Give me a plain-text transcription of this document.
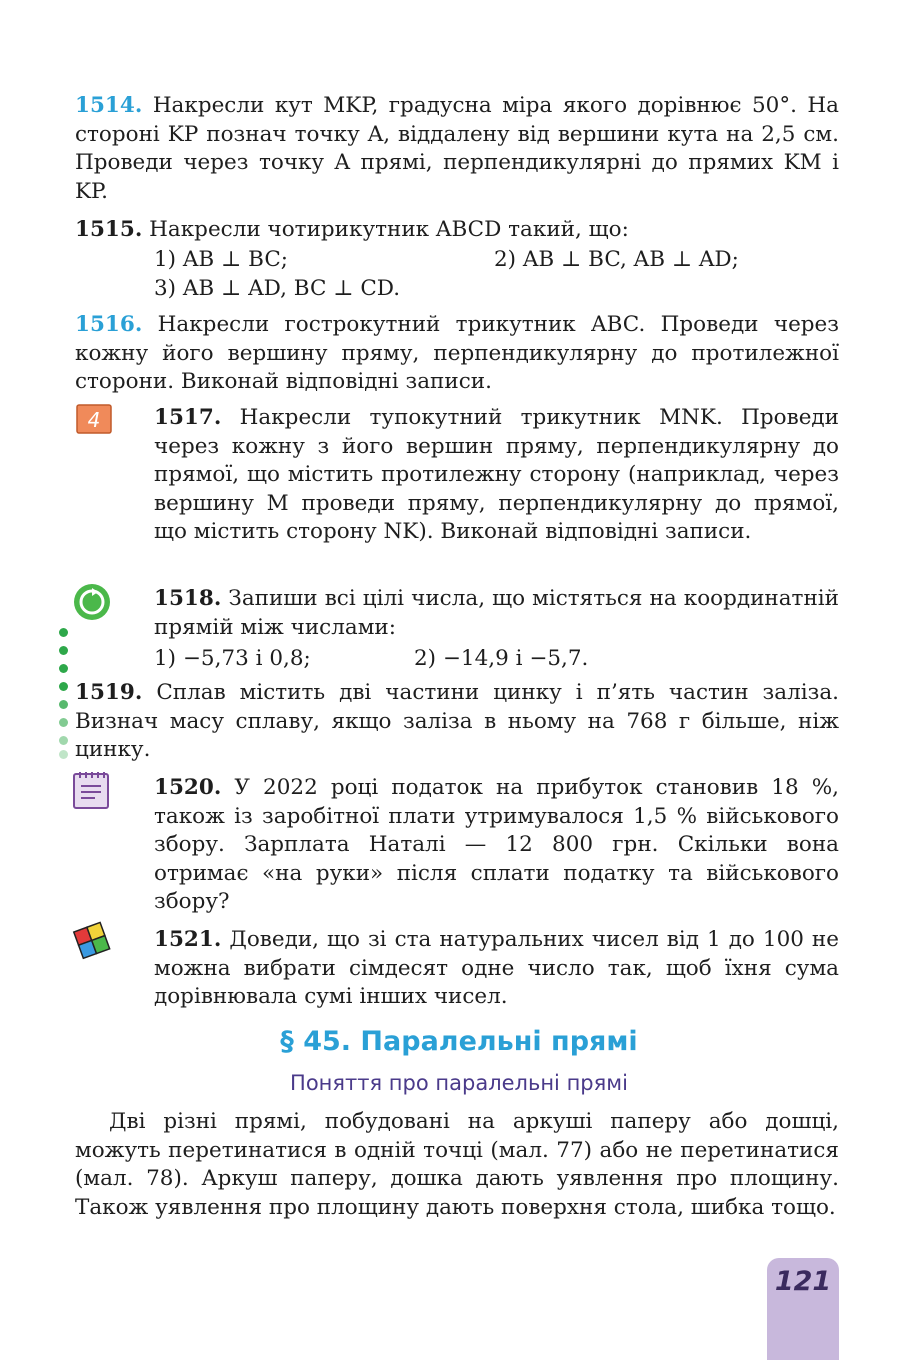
1514. Накресли кут MKP, градусна міра якого дорівнює 50°. На стороні KP познач точку A, віддалену від вершини кута на 2,5 см. Проведи через точку A прямі, перпендикулярні до прямих KM і KP.
1515. Накресли чотирикутник ABCD такий, що:
1) AB ⊥ BC;	2) AB ⊥ BC, AB ⊥ AD;
3) AB ⊥ AD, BC ⊥ CD.
1516. Накресли гострокутний трикутник ABC. Проведи через кожну його вершину пряму, перпендикулярну до протилежної сторони. Виконай відповідні записи.
4 1517. Накресли тупокутний трикутник MNK. Проведи через кожну з його вершин пряму, перпендикулярну до прямої, що містить протилежну сторону (наприклад, через вершину M проведи пряму, перпендикулярну до прямої, що містить сторону NK). Виконай відповідні записи.
1518. Запиши всі цілі числа, що містяться на координатній прямій між числами:
1) −5,73 і 0,8;	2) −14,9 і −5,7.
1519. Сплав містить дві частини цинку і п’ять частин заліза. Визнач масу сплаву, якщо заліза в ньому на 768 г більше, ніж цинку.
1520. У 2022 році податок на прибуток становив 18 %, також із заробітної плати утримувалося 1,5 % військового збору. Зарплата Наталі — 12 800 грн. Скільки вона отримає «на руки» після сплати податку та військового збору?
1521. Доведи, що зі ста натуральних чисел від 1 до 100 не можна вибрати сімдесят одне число так, щоб їхня сума дорівнювала сумі інших чисел.
§ 45. Паралельні прямі
Поняття про паралельні прямі
Дві різні прямі, побудовані на аркуші паперу або дошці, можуть перетинатися в одній точці (мал. 77) або не перетинатися (мал. 78). Аркуш паперу, дошка дають уявлення про площину. Також уявлення про площину дають поверхня стола, шибка тощо.
121
